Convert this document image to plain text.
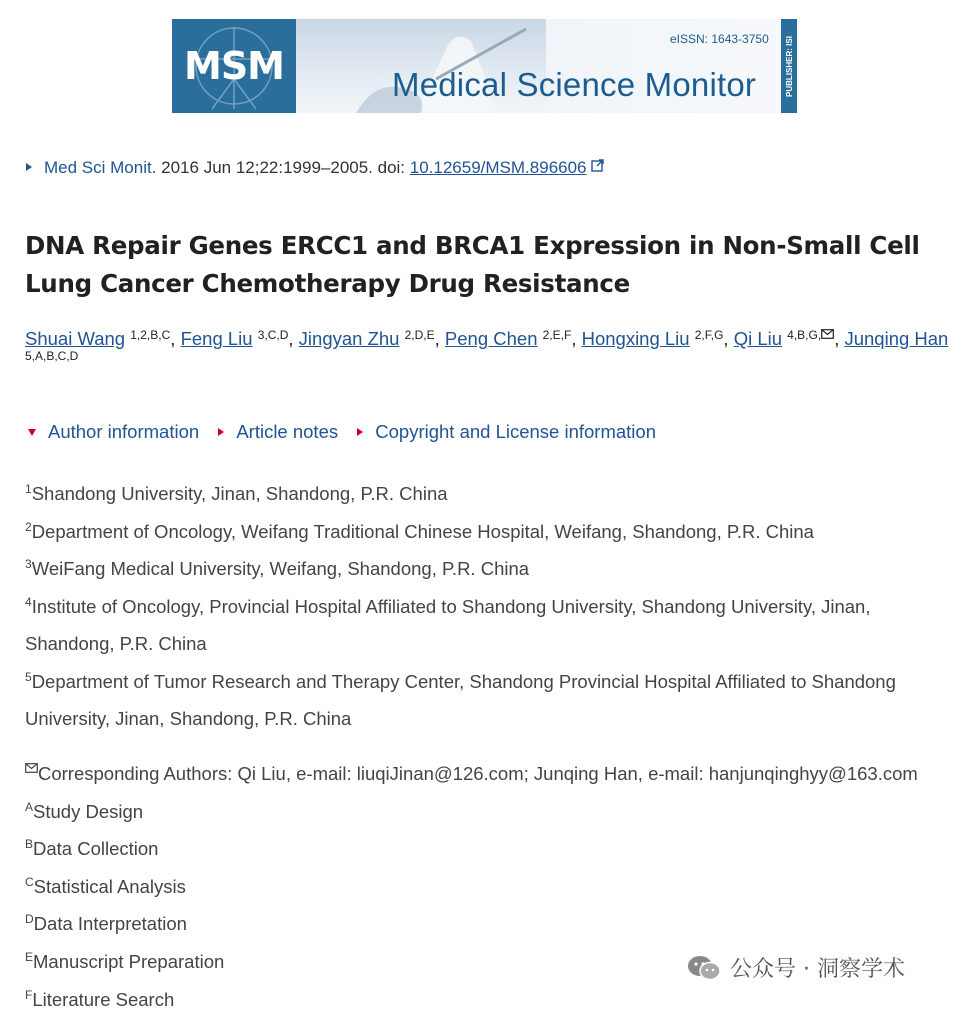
MSM
eISSN: 1643-3750
Medical Science Monitor	PUBLISHER: ISI
Med Sci Monit. 2016 Jun 12;22:1999–2005. doi: 10.12659/MSM.896606
DNA Repair Genes ERCC1 and BRCA1 Expression in Non-Small Cell Lung Cancer Chemotherapy Drug Resistance
Shuai Wang $^{1,2,B,C}$, Feng Liu $^{3,C,D}$, Jingyan Zhu $^{2,D,E}$, Peng Chen $^{2,E,F}$, Hongxing Liu $^{2,F,G}$, Qi Liu $^{4,B,G,}$ , Junqing Han
5,A,B,C,D
Author information Article notes Copyright and License information

$^1$Shandong University, Jinan, Shandong, P.R. China

$^2$Department of Oncology, Weifang Traditional Chinese Hospital, Weifang, Shandong, P.R. China

$^3$WeiFang Medical University, Weifang, Shandong, P.R. China

$^4$Institute of Oncology, Provincial Hospital Affiliated to Shandong University, Shandong University, Jinan, Shandong, P.R. China

$^5$Department of Tumor Research and Therapy Center, Shandong Provincial Hospital Affiliated to Shandong University, Jinan, Shandong, P.R. China

Corresponding Authors: Qi Liu, e-mail: liuqiJinan@126.com; Junqing Han, e-mail: hanjunqinghyy@163.com

$^A$Study Design

$^B$Data Collection

$^C$Statistical Analysis

$^D$Data Interpretation

$^E$Manuscript Preparation

$^F$Literature Search

公众号 · 洞察学术
